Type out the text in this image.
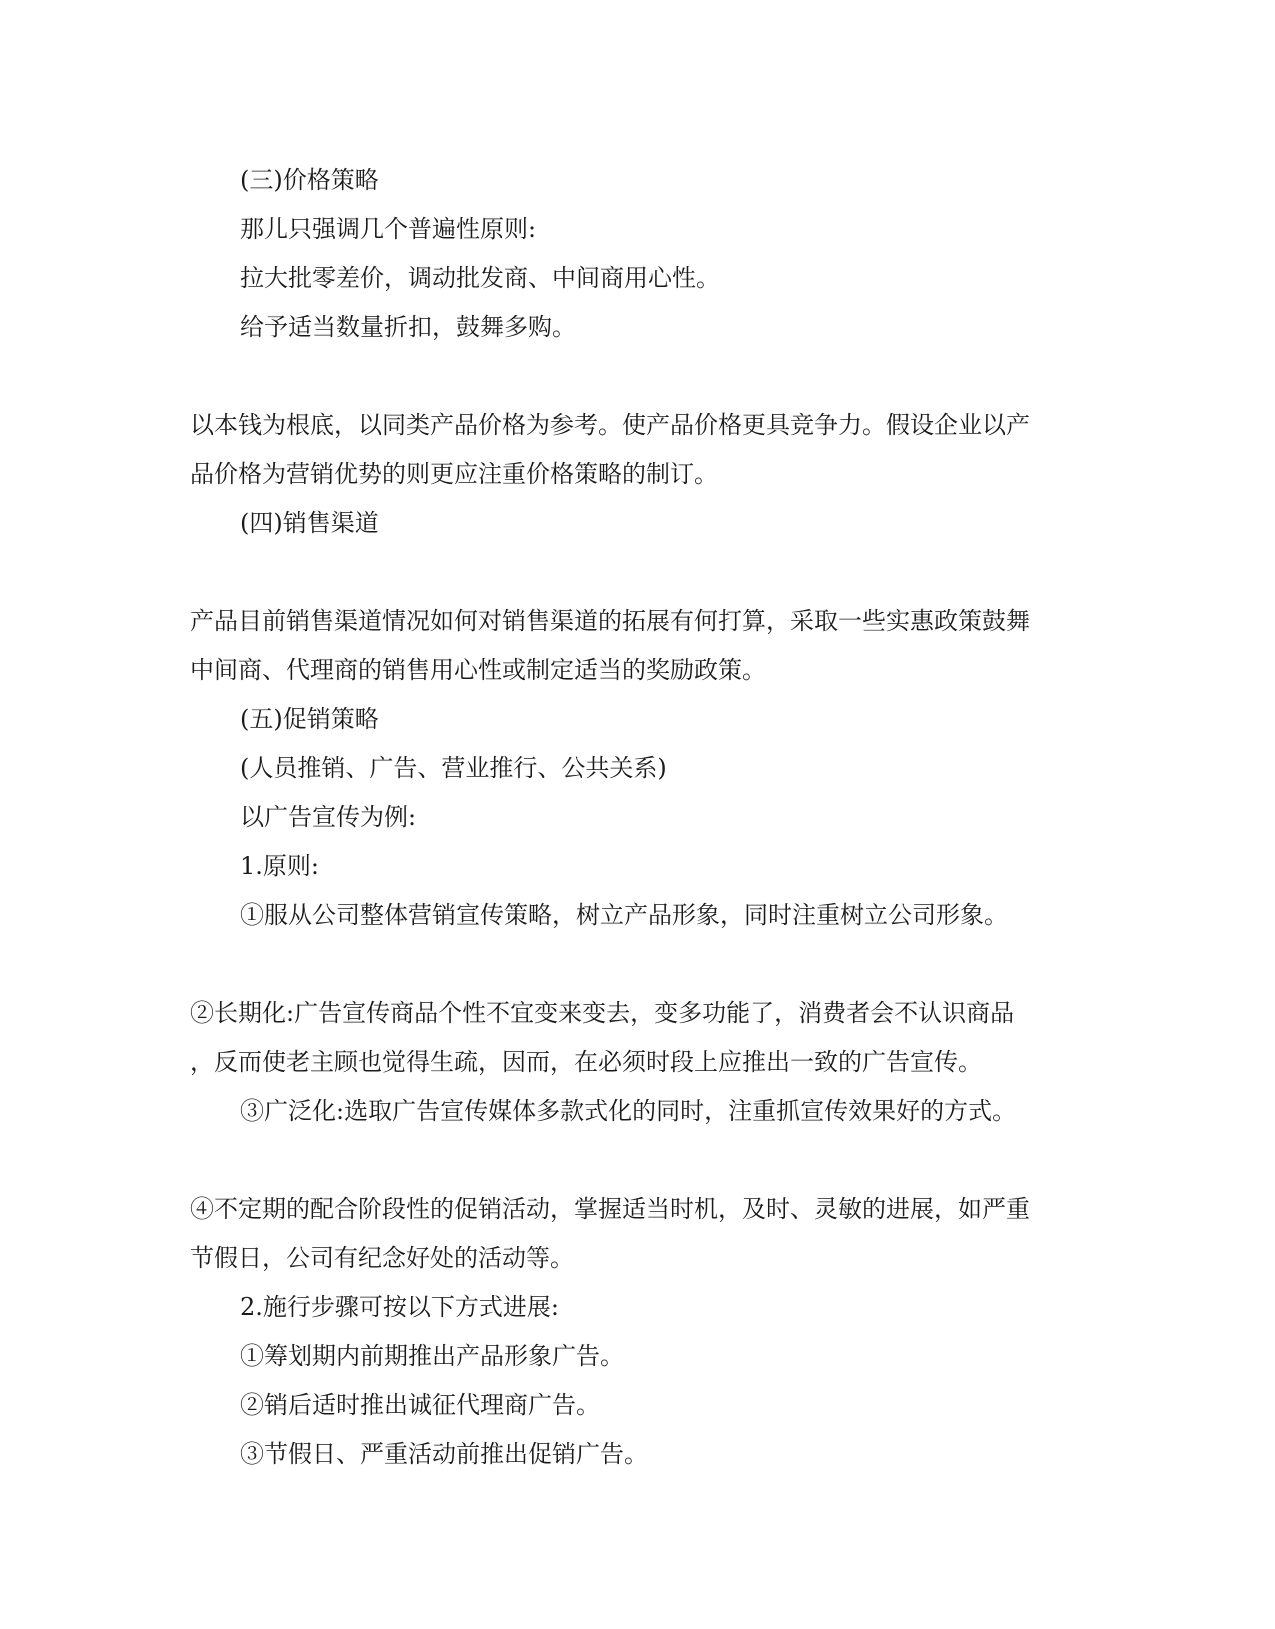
(三)价格策略
那儿只强调几个普遍性原则:
拉大批零差价，调动批发商、中间商用心性。
给予适当数量折扣，鼓舞多购。
以本钱为根底，以同类产品价格为参考。使产品价格更具竞争力。假设企业以产
品价格为营销优势的则更应注重价格策略的制订。
(四)销售渠道
产品目前销售渠道情况如何对销售渠道的拓展有何打算，采取一些实惠政策鼓舞
中间商、代理商的销售用心性或制定适当的奖励政策。
(五)促销策略
(人员推销、广告、营业推行、公共关系)
以广告宣传为例:
1.原则:
①服从公司整体营销宣传策略，树立产品形象，同时注重树立公司形象。
②长期化:广告宣传商品个性不宜变来变去，变多功能了，消费者会不认识商品
，反而使老主顾也觉得生疏，因而，在必须时段上应推出一致的广告宣传。
③广泛化:选取广告宣传媒体多款式化的同时，注重抓宣传效果好的方式。
④不定期的配合阶段性的促销活动，掌握适当时机，及时、灵敏的进展，如严重
节假日，公司有纪念好处的活动等。
2.施行步骤可按以下方式进展:
①筹划期内前期推出产品形象广告。
②销后适时推出诚征代理商广告。
③节假日、严重活动前推出促销广告。
